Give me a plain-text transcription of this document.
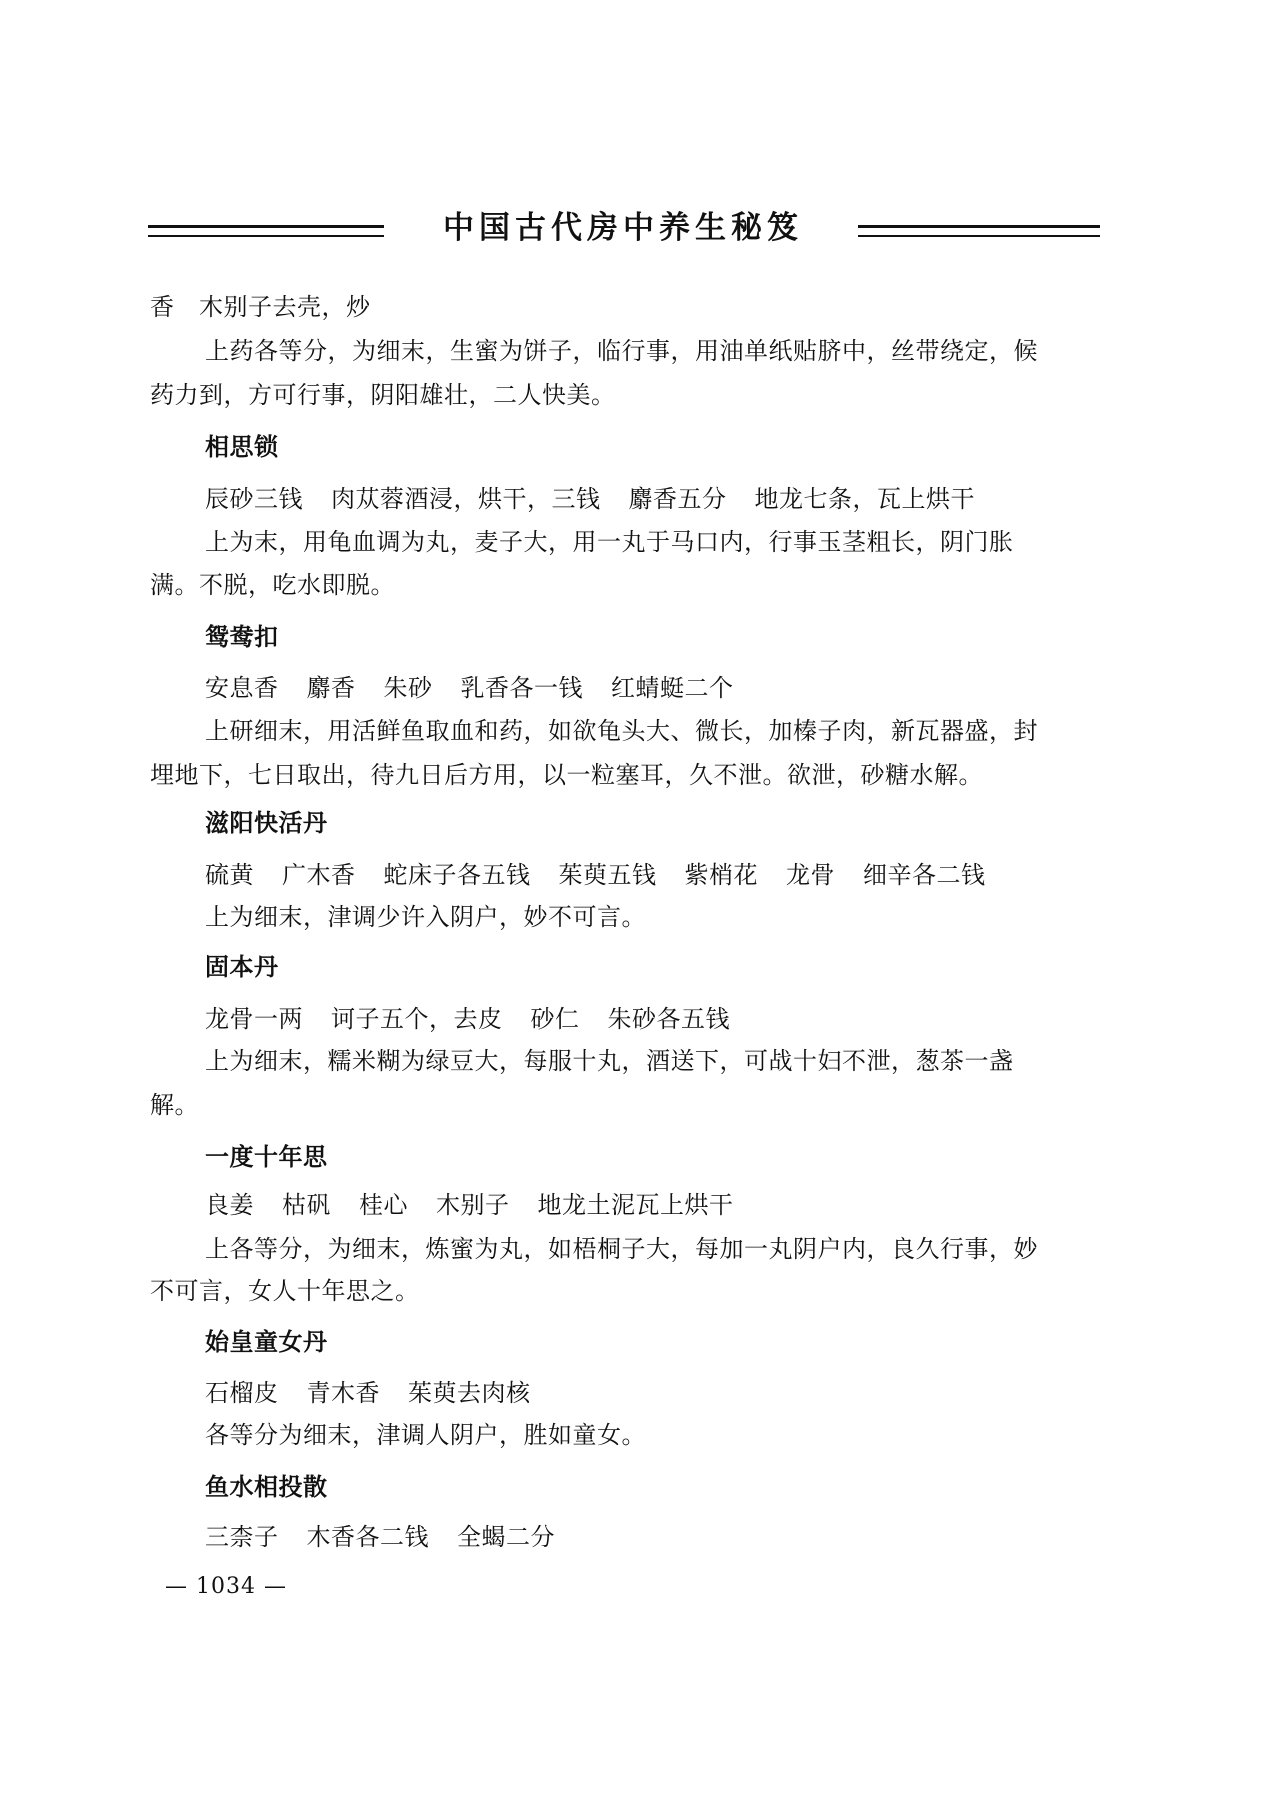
中国古代房中养生秘笈
香　木别子去壳，炒
上药各等分，为细末，生蜜为饼子，临行事，用油单纸贴脐中，丝带绕定，候
药力到，方可行事，阴阳雄壮，二人快美。
相思锁
辰砂三钱 肉苁蓉酒浸，烘干，三钱 麝香五分 地龙七条，瓦上烘干
上为末，用龟血调为丸，麦子大，用一丸于马口内，行事玉茎粗长，阴门胀
满。不脱，吃水即脱。
鸳鸯扣
安息香 麝香 朱砂 乳香各一钱 红蜻蜓二个
上研细末，用活鲜鱼取血和药，如欲龟头大、微长，加榛子肉，新瓦器盛，封
埋地下，七日取出，待九日后方用，以一粒塞耳，久不泄。欲泄，砂糖水解。
滋阳快活丹
硫黄 广木香 蛇床子各五钱 茱萸五钱 紫梢花 龙骨 细辛各二钱
上为细末，津调少许入阴户，妙不可言。
固本丹
龙骨一两 诃子五个，去皮 砂仁 朱砂各五钱
上为细末，糯米糊为绿豆大，每服十丸，酒送下，可战十妇不泄，葱茶一盏
解。
一度十年思
良姜 枯矾 桂心 木别子 地龙土泥瓦上烘干
上各等分，为细末，炼蜜为丸，如梧桐子大，每加一丸阴户内，良久行事，妙
不可言，女人十年思之。
始皇童女丹
石榴皮 青木香 茱萸去肉核
各等分为细末，津调人阴户，胜如童女。
鱼水相投散
三柰子 木香各二钱 全蝎二分
— 1034 —
